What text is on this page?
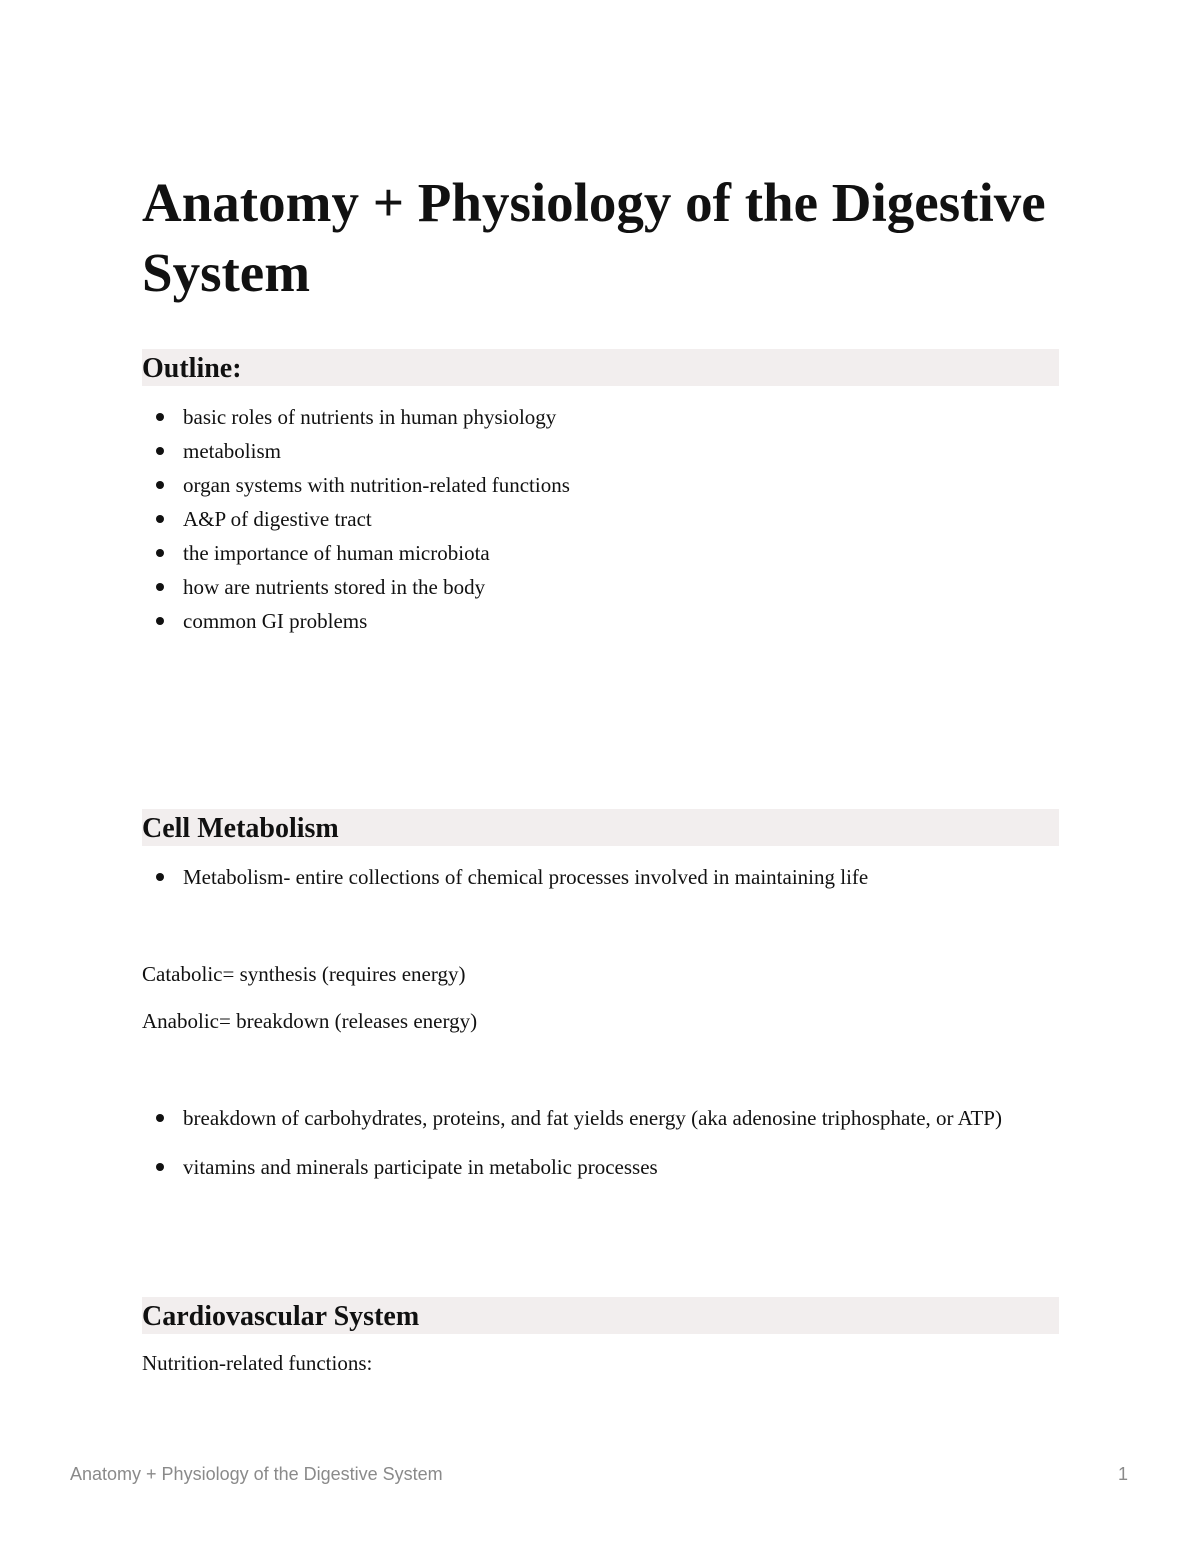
Anatomy + Physiology of the Digestive System
Outline:
basic roles of nutrients in human physiology
metabolism
organ systems with nutrition-related functions
A&P of digestive tract
the importance of human microbiota
how are nutrients stored in the body
common GI problems
Cell Metabolism
Metabolism- entire collections of chemical processes involved in maintaining life

Catabolic= synthesis (requires energy)

Anabolic= breakdown (releases energy)

breakdown of carbohydrates, proteins, and fat yields energy (aka adenosine triphosphate, or ATP)
vitamins and minerals participate in metabolic processes
Cardiovascular System

Nutrition-related functions:

Anatomy + Physiology of the Digestive System	1
